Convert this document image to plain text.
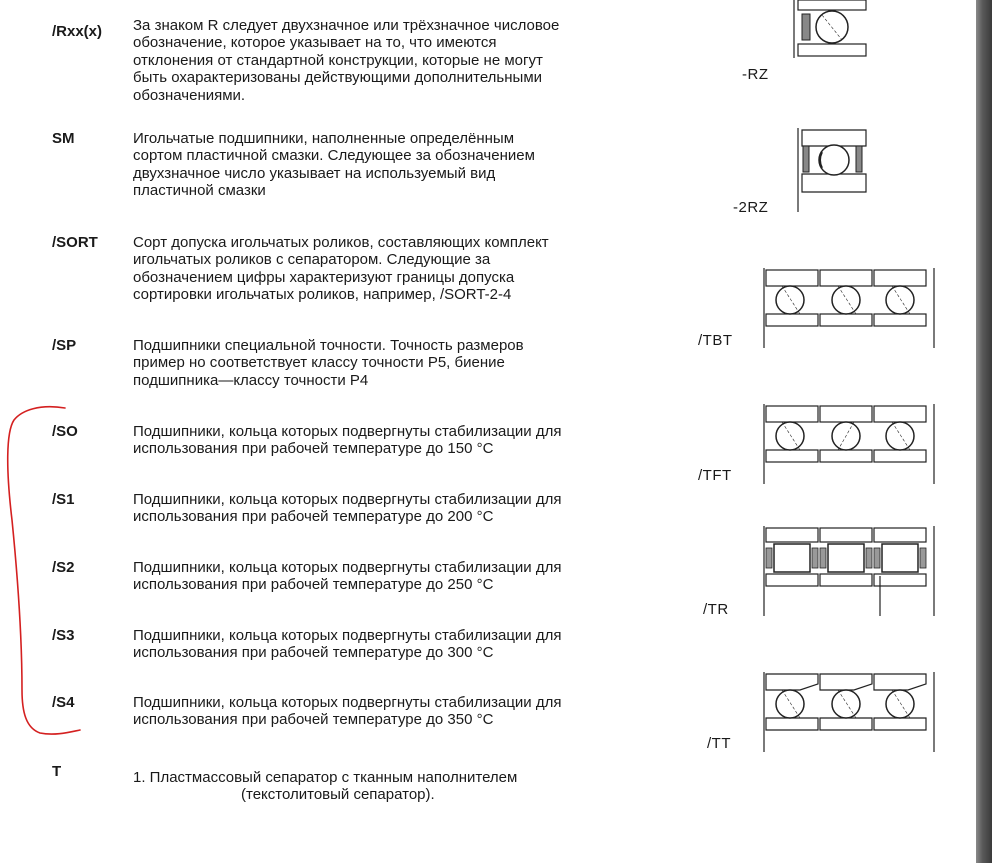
/Rxx(x) За знаком R следует двухзначное или трёхзначное числовое
обозначение, которое указывает на то, что имеются
отклонения от стандартной конструкции, которые не могут
быть охарактеризованы действующими дополнительными
обозначениями.
SM	Игольчатые подшипники, наполненные определённым
сортом пластичной смазки. Следующее за обозначением
двухзначное число указывает на используемый вид
пластичной смазки
/SORT Сорт допуска игольчатых роликов, составляющих комплект
игольчатых роликов с сепаратором. Следующие за
обозначением цифры характеризуют границы допуска
сортировки игольчатых роликов, например, /SORT-2-4
/SP	Подшипники специальной точности. Точность размеров
пример но соответствует классу точности P5, биение
подшипника—классу точности P4
/SO	Подшипники, кольца которых подвергнуты стабилизации для
использования при рабочей температуре до 150 °C
/S1	Подшипники, кольца которых подвергнуты стабилизации для
использования при рабочей температуре до 200 °C
/S2	Подшипники, кольца которых подвергнуты стабилизации для
использования при рабочей температуре до 250 °C
/S3	Подшипники, кольца которых подвергнуты стабилизации для
использования при рабочей температуре до 300 °C
/S4	Подшипники, кольца которых подвергнуты стабилизации для
использования при рабочей температуре до 350 °C
T	1. Пластмассовый сепаратор с тканным наполнителем
(текстолитовый сепаратор).
-RZ
-2RZ
/TBT
/TFT
/TR
/TT
